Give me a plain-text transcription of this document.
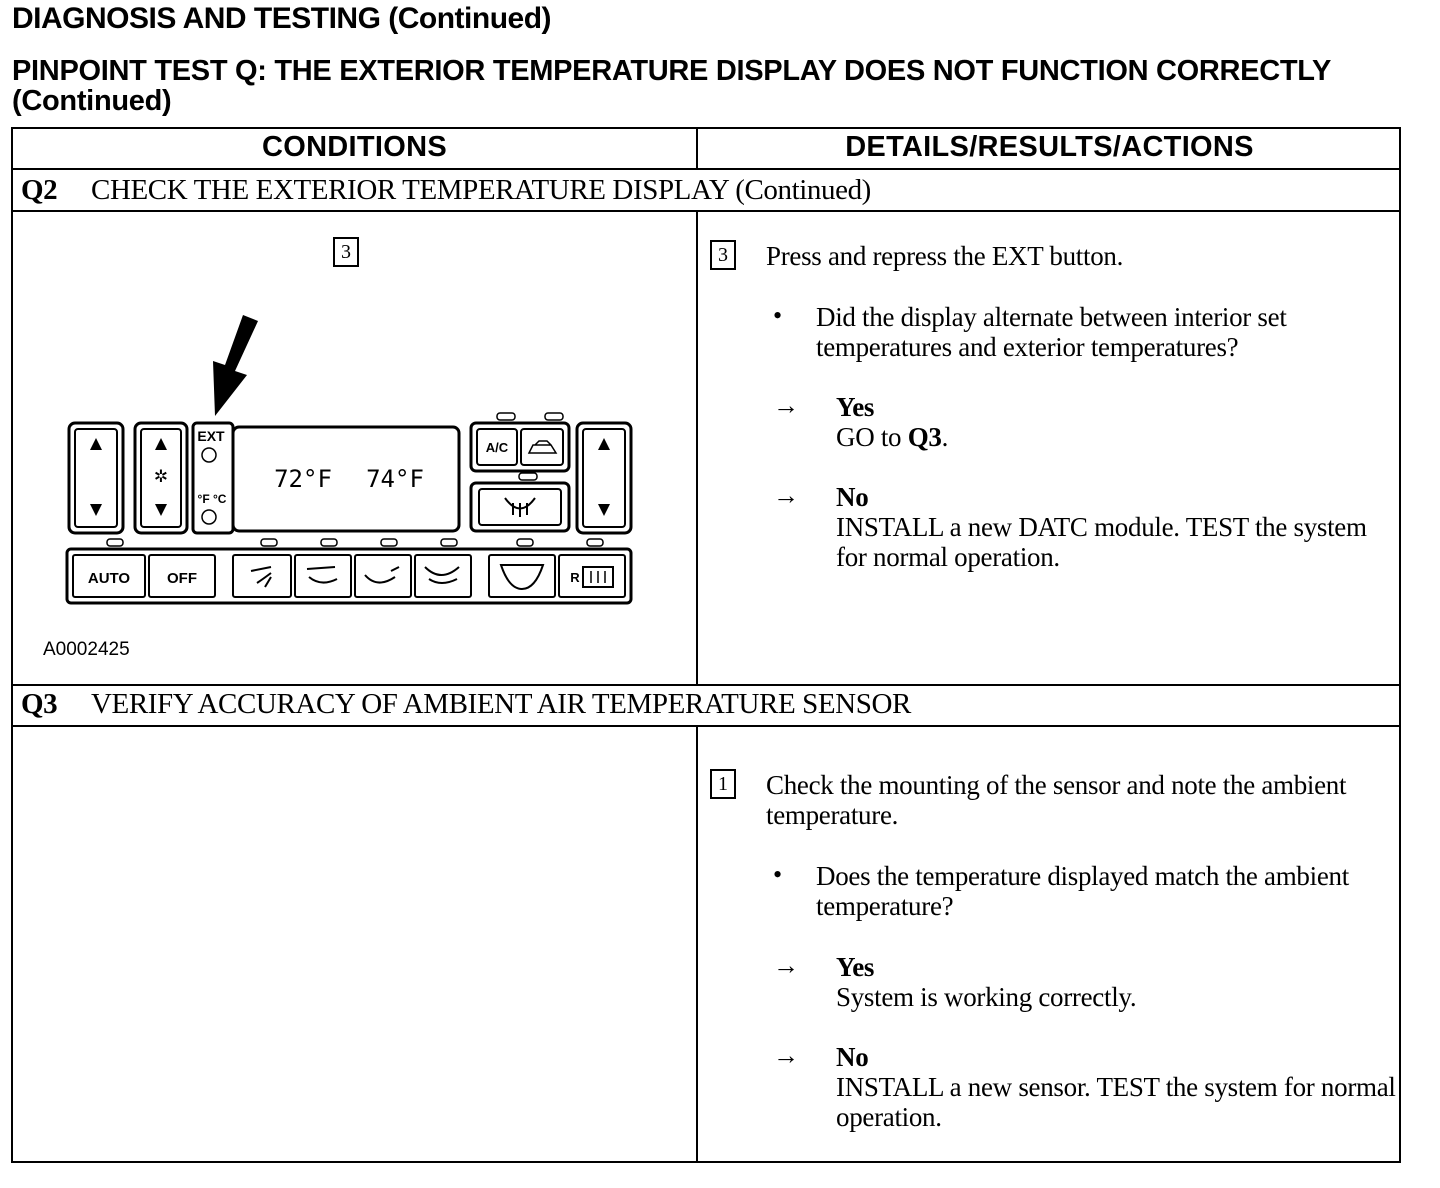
DIAGNOSIS AND TESTING (Continued)
PINPOINT TEST Q: THE EXTERIOR TEMPERATURE DISPLAY DOES NOT FUNCTION CORRECTLY (Continued)
CONDITIONS	DETAILS/RESULTS/ACTIONS
Q2 CHECK THE EXTERIOR TEMPERATURE DISPLAY (Continued)
3
✲
EXT
°F °C
72°F 74°F
A/C
AUTO OFF	R
A0002425
3 Press and repress the EXT button.
• Did the display alternate between interior set temperatures and exterior temperatures?
→ Yes
GO to Q3.
→ No
INSTALL a new DATC module. TEST the system for normal operation.
Q3 VERIFY ACCURACY OF AMBIENT AIR TEMPERATURE SENSOR
1 Check the mounting of the sensor and note the ambient temperature.
• Does the temperature displayed match the ambient temperature?
→ Yes
System is working correctly.
→ No
INSTALL a new sensor. TEST the system for normal operation.
